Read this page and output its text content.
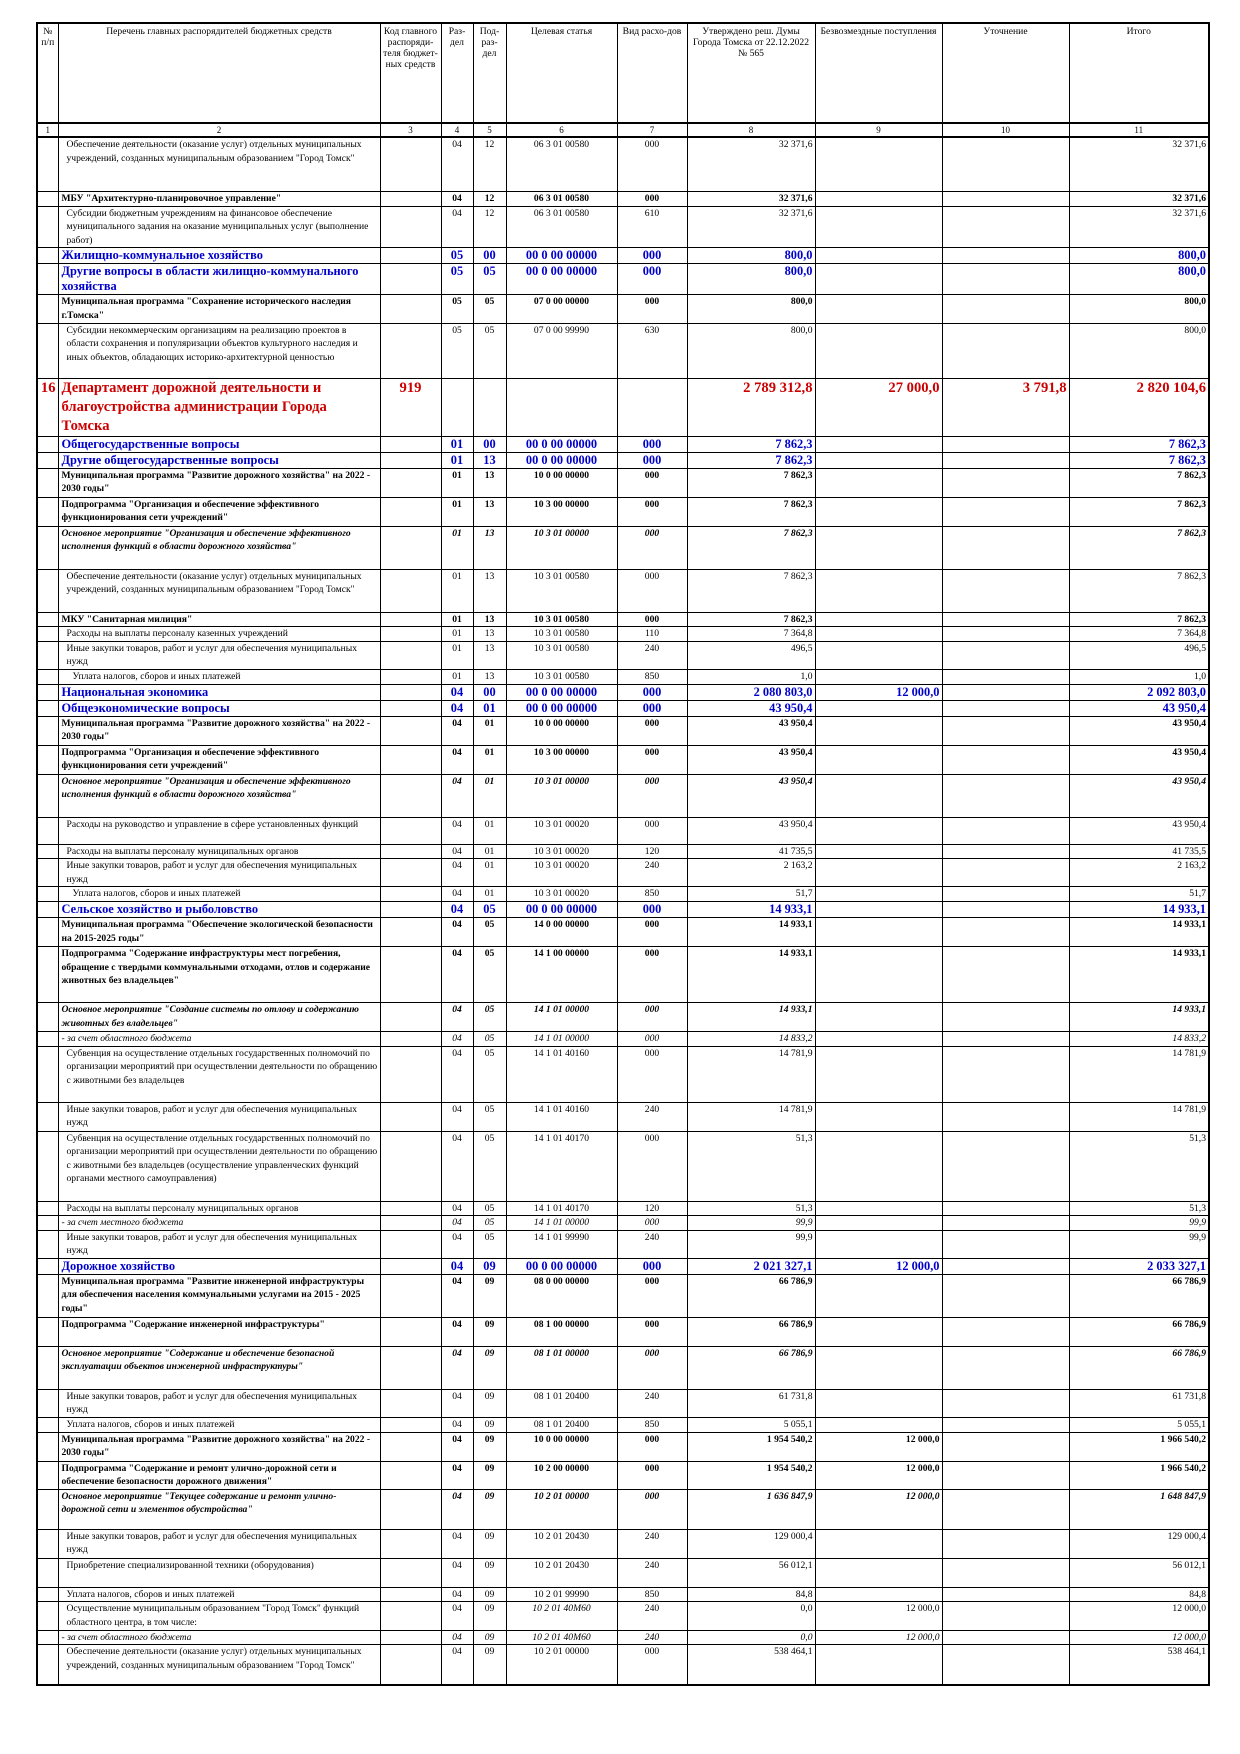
№ п/п	Перечень главных распорядителей бюджетных средств	Код главного распоряди-теля бюджет-ных средств	Раз-дел	Под-раз-дел	Целевая статья	Вид расхо-дов	Утверждено реш. Думы Города Томска от 22.12.2022 № 565	Безвозмездные поступления	Уточнение	Итого
1	2	3	4	5	6	7	8	9	10	11
	Обеспечение деятельности (оказание услуг) отдельных муниципальных учреждений, созданных муниципальным образованием "Город Томск"		04	12	06 3 01 00580	000	32 371,6			32 371,6
	МБУ "Архитектурно-планировочное управление"		04	12	06 3 01 00580	000	32 371,6			32 371,6
	Субсидии бюджетным учреждениям на финансовое обеспечение муниципального задания на оказание муниципальных услуг (выполнение работ)		04	12	06 3 01 00580	610	32 371,6			32 371,6
	Жилищно-коммунальное хозяйство		05	00	00 0 00 00000	000	800,0			800,0
	Другие вопросы в области жилищно-коммунального хозяйства		05	05	00 0 00 00000	000	800,0			800,0
	Муниципальная программа "Сохранение исторического наследия г.Томска"		05	05	07 0 00 00000	000	800,0			800,0
	Субсидии некоммерческим организациям на реализацию проектов в области сохранения и популяризации объектов культурного наследия и иных объектов, обладающих историко-архитектурной ценностью		05	05	07 0 00 99990	630	800,0			800,0
16	Департамент дорожной деятельности и благоустройства администрации Города Томска	919					2 789 312,8	27 000,0	3 791,8	2 820 104,6
	Общегосударственные вопросы		01	00	00 0 00 00000	000	7 862,3			7 862,3
	Другие общегосударственные вопросы		01	13	00 0 00 00000	000	7 862,3			7 862,3
	Муниципальная программа "Развитие дорожного хозяйства" на 2022 - 2030 годы"		01	13	10 0 00 00000	000	7 862,3			7 862,3
	Подпрограмма "Организация и обеспечение эффективного функционирования сети учреждений"		01	13	10 3 00 00000	000	7 862,3			7 862,3
	Основное мероприятие "Организация и обеспечение эффективного исполнения функций в области дорожного хозяйства"		01	13	10 3 01 00000	000	7 862,3			7 862,3
	Обеспечение деятельности (оказание услуг) отдельных муниципальных учреждений, созданных муниципальным образованием "Город Томск"		01	13	10 3 01 00580	000	7 862,3			7 862,3
	МКУ "Санитарная милиция"		01	13	10 3 01 00580	000	7 862,3			7 862,3
	Расходы на выплаты персоналу казенных учреждений		01	13	10 3 01 00580	110	7 364,8			7 364,8
	Иные закупки товаров, работ и услуг для обеспечения муниципальных нужд		01	13	10 3 01 00580	240	496,5			496,5
	Уплата налогов, сборов и иных платежей		01	13	10 3 01 00580	850	1,0			1,0
	Национальная экономика		04	00	00 0 00 00000	000	2 080 803,0	12 000,0		2 092 803,0
	Общеэкономические вопросы		04	01	00 0 00 00000	000	43 950,4			43 950,4
	Муниципальная программа "Развитие дорожного хозяйства" на 2022 - 2030 годы"		04	01	10 0 00 00000	000	43 950,4			43 950,4
	Подпрограмма "Организация и обеспечение эффективного функционирования сети учреждений"		04	01	10 3 00 00000	000	43 950,4			43 950,4
	Основное мероприятие "Организация и обеспечение эффективного исполнения функций в области дорожного хозяйства"		04	01	10 3 01 00000	000	43 950,4			43 950,4
	Расходы на руководство и управление в сфере установленных функций		04	01	10 3 01 00020	000	43 950,4			43 950,4
	Расходы на выплаты персоналу муниципальных органов		04	01	10 3 01 00020	120	41 735,5			41 735,5
	Иные закупки товаров, работ и услуг для обеспечения муниципальных нужд		04	01	10 3 01 00020	240	2 163,2			2 163,2
	Уплата налогов, сборов и иных платежей		04	01	10 3 01 00020	850	51,7			51,7
	Сельское хозяйство и рыболовство		04	05	00 0 00 00000	000	14 933,1			14 933,1
	Муниципальная программа "Обеспечение экологической безопасности на 2015-2025 годы"		04	05	14 0 00 00000	000	14 933,1			14 933,1
	Подпрограмма "Содержание инфраструктуры мест погребения, обращение с твердыми коммунальными отходами, отлов и содержание животных без владельцев"		04	05	14 1 00 00000	000	14 933,1			14 933,1
	Основное мероприятие "Создание системы по отлову и содержанию животных без владельцев"		04	05	14 1 01 00000	000	14 933,1			14 933,1
	- за счет областного бюджета		04	05	14 1 01 00000	000	14 833,2			14 833,2
	Субвенция на осуществление отдельных государственных полномочий по организации мероприятий при осуществлении деятельности по обращению с животными без владельцев		04	05	14 1 01 40160	000	14 781,9			14 781,9
	Иные закупки товаров, работ и услуг для обеспечения муниципальных нужд		04	05	14 1 01 40160	240	14 781,9			14 781,9
	Субвенция на осуществление отдельных государственных полномочий по организации мероприятий при осуществлении деятельности по обращению с животными без владельцев (осуществление управленческих функций органами местного самоуправления)		04	05	14 1 01 40170	000	51,3			51,3
	Расходы на выплаты персоналу муниципальных органов		04	05	14 1 01 40170	120	51,3			51,3
	- за счет местного бюджета		04	05	14 1 01 00000	000	99,9			99,9
	Иные закупки товаров, работ и услуг для обеспечения муниципальных нужд		04	05	14 1 01 99990	240	99,9			99,9
	Дорожное хозяйство		04	09	00 0 00 00000	000	2 021 327,1	12 000,0		2 033 327,1
	Муниципальная программа "Развитие инженерной инфраструктуры для обеспечения населения коммунальными услугами на 2015 - 2025 годы"		04	09	08 0 00 00000	000	66 786,9			66 786,9
	Подпрограмма "Содержание инженерной инфраструктуры"		04	09	08 1 00 00000	000	66 786,9			66 786,9
	Основное мероприятие "Содержание и обеспечение безопасной эксплуатации объектов инженерной инфраструктуры"		04	09	08 1 01 00000	000	66 786,9			66 786,9
	Иные закупки товаров, работ и услуг для обеспечения муниципальных нужд		04	09	08 1 01 20400	240	61 731,8			61 731,8
	Уплата налогов, сборов и иных платежей		04	09	08 1 01 20400	850	5 055,1			5 055,1
	Муниципальная программа "Развитие дорожного хозяйства" на 2022 - 2030 годы"		04	09	10 0 00 00000	000	1 954 540,2	12 000,0		1 966 540,2
	Подпрограмма "Содержание и ремонт улично-дорожной сети и обеспечение безопасности дорожного движения"		04	09	10 2 00 00000	000	1 954 540,2	12 000,0		1 966 540,2
	Основное мероприятие "Текущее содержание и ремонт улично-дорожной сети и элементов обустройства"		04	09	10 2 01 00000	000	1 636 847,9	12 000,0		1 648 847,9
	Иные закупки товаров, работ и услуг для обеспечения муниципальных нужд		04	09	10 2 01 20430	240	129 000,4			129 000,4
	Приобретение специализированной техники (оборудования)		04	09	10 2 01 20430	240	56 012,1			56 012,1
	Уплата налогов, сборов и иных платежей		04	09	10 2 01 99990	850	84,8			84,8
	Осуществление муниципальным образованием "Город Томск" функций областного центра, в том числе:		04	09	10 2 01 40М60	240	0,0	12 000,0		12 000,0
	- за счет областного бюджета		04	09	10 2 01 40М60	240	0,0	12 000,0		12 000,0
	Обеспечение деятельности (оказание услуг) отдельных муниципальных учреждений, созданных муниципальным образованием "Город Томск"		04	09	10 2 01 00000	000	538 464,1			538 464,1
